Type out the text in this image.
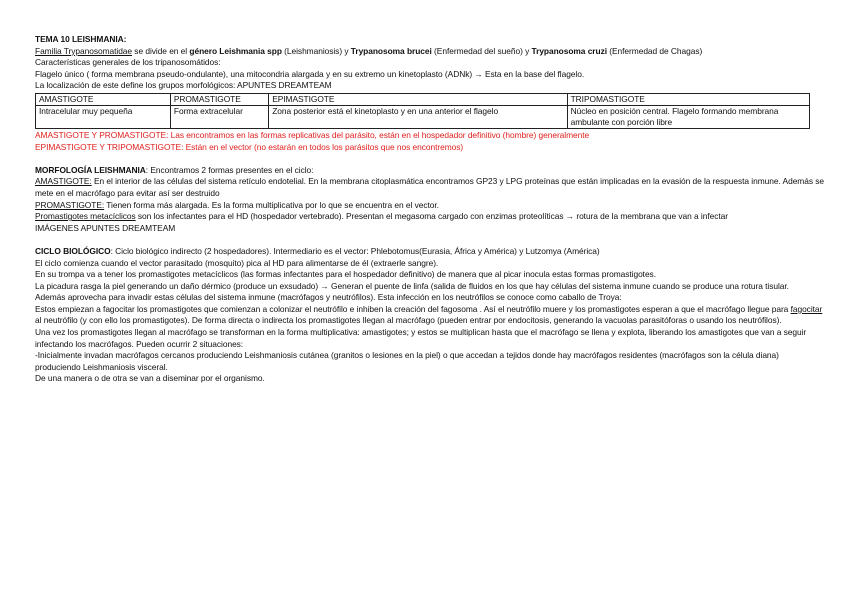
TEMA 10 LEISHMANIA:
Familia Trypanosomatidae se divide en el género Leishmania spp (Leishmaniosis) y Trypanosoma brucei (Enfermedad del sueño) y Trypanosoma cruzi (Enfermedad de Chagas)
Características generales de los tripanosomátidos:
Flagelo único ( forma membrana pseudo-ondulante), una mitocondria alargada y en su extremo un kinetoplasto (ADNk) → Esta en la base del flagelo.
La localización de este define los grupos morfológicos: APUNTES DREAMTEAM
AMASTIGOTE	PROMASTIGOTE	EPIMASTIGOTE	TRIPOMASTIGOTE
Intracelular muy pequeña	Forma extracelular	Zona posterior está el kinetoplasto y en una anterior el flagelo	Núcleo en posición central. Flagelo formando membrana ambulante con porción libre
AMASTIGOTE Y PROMASTIGOTE: Las encontramos en las formas replicativas del parásito, están en el hospedador definitivo (hombre) generalmente
EPIMASTIGOTE Y TRIPOMASTIGOTE: Están en el vector (no estarán en todos los parásitos que nos encontremos)
MORFOLOGÍA LEISHMANIA: Encontramos 2 formas presentes en el ciclo:
AMASTIGOTE: En el interior de las células del sistema retículo endotelial. En la membrana citoplasmática encontramos GP23 y LPG proteínas que están implicadas en la evasión de la respuesta inmune. Además se mete en el macrófago para evitar así ser destruido
PROMASTIGOTE: Tienen forma más alargada. Es la forma multiplicativa por lo que se encuentra en el vector.
Promastigotes metacíclicos son los infectantes para el HD (hospedador vertebrado). Presentan el megasoma cargado con enzimas proteolíticas → rotura de la membrana que van a infectar
IMÁGENES APUNTES DREAMTEAM
CICLO BIOLÓGICO: Ciclo biológico indirecto (2 hospedadores). Intermediario es el vector: Phlebotomus(Eurasia, África y América) y Lutzomya (América)
El ciclo comienza cuando el vector parasitado (mosquito) pica al HD para alimentarse de él (extraerle sangre).
En su trompa va a tener los promastigotes metacíclicos (las formas infectantes para el hospedador definitivo) de manera que al picar inocula estas formas promastigotes.
La picadura rasga la piel generando un daño dérmico (produce un exsudado) → Generan el puente de linfa (salida de fluidos en los que hay células del sistema inmune cuando se produce una rotura tisular.
Además aprovecha para invadir estas células del sistema inmune (macrófagos y neutrófilos). Esta infección en los neutrófilos se conoce como caballo de Troya:
Estos empiezan a fagocitar los promastigotes que comienzan a colonizar el neutrófilo e inhiben la creación del fagosoma . Así el neutrófilo muere y los promastigotes esperan a que el macrófago llegue para fagocitar al neutrófilo (y con ello los promastigotes). De forma directa o indirecta los promastigotes llegan al macrófago (pueden entrar por endocitosis, generando la vacuolas parasitóforas o usando los neutrófilos).
Una vez los promastigotes llegan al macrófago se transforman en la forma multiplicativa: amastigotes; y estos se multiplican hasta que el macrófago se llena y explota, liberando los amastigotes que van a seguir infectando los macrófagos. Pueden ocurrir 2 situaciones:
-Inicialmente invadan macrófagos cercanos produciendo Leishmaniosis cutánea (granitos o lesiones en la piel) o que accedan a tejidos donde hay macrófagos residentes (macrófagos son la célula diana) produciendo Leishmaniosis visceral.
De una manera o de otra se van a diseminar por el organismo.
